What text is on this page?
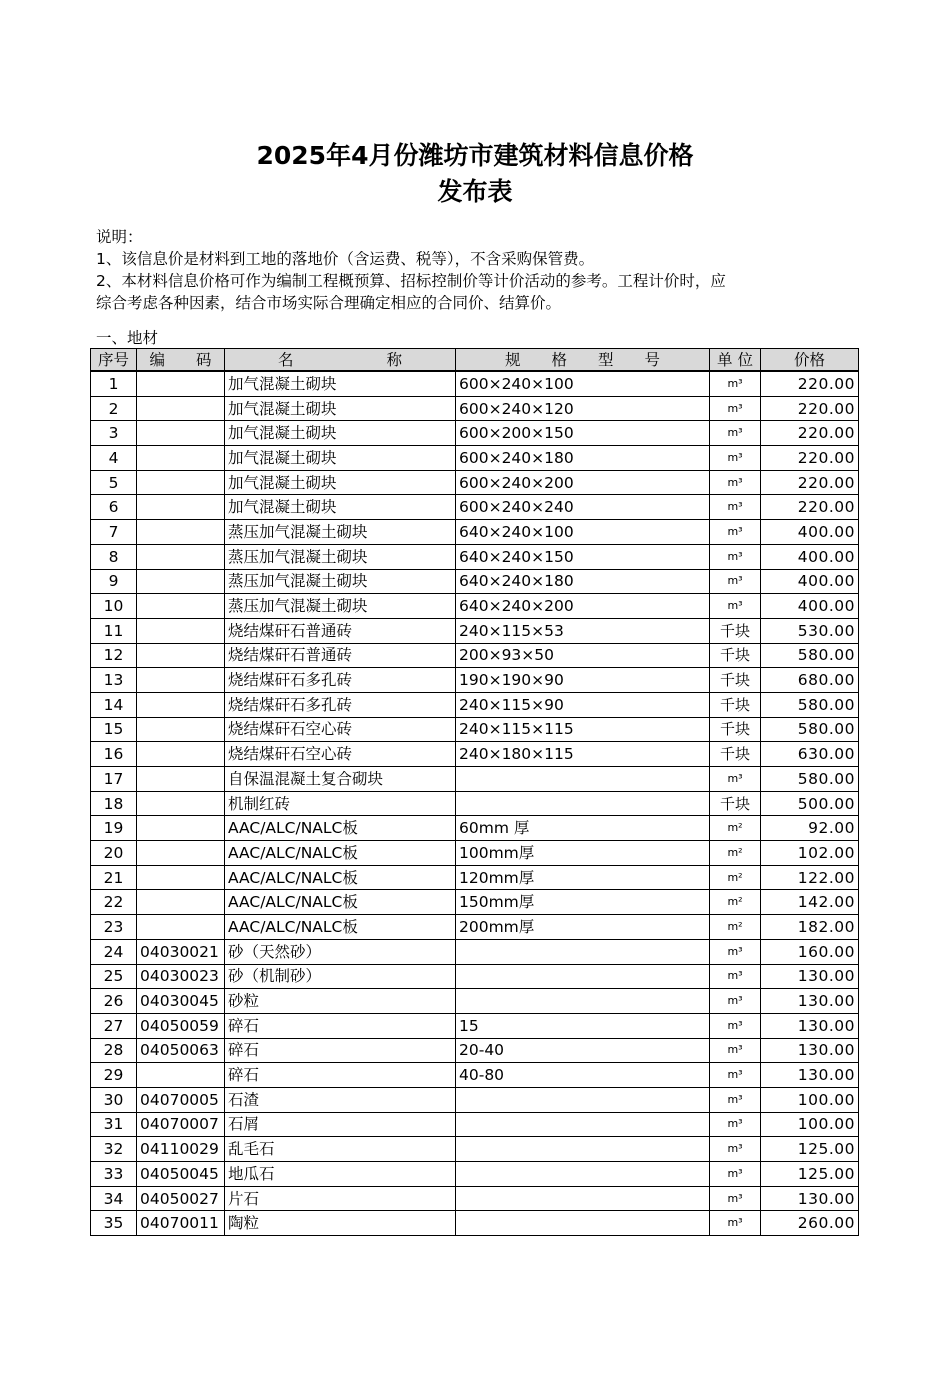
2025年4月份潍坊市建筑材料信息价格
发布表
说明：
1、该信息价是材料到工地的落地价（含运费、税等），不含采购保管费。
2、本材料信息价格可作为编制工程概预算、招标控制价等计价活动的参考。工程计价时，应
综合考虑各种因素，结合市场实际合理确定相应的合同价、结算价。
一、地材
序号	编　　码	名　　　　　　称	规　　格　　型　　号	单 位	价格
1		加气混凝土砌块	600×240×100	m³	220.00
2		加气混凝土砌块	600×240×120	m³	220.00
3		加气混凝土砌块	600×200×150	m³	220.00
4		加气混凝土砌块	600×240×180	m³	220.00
5		加气混凝土砌块	600×240×200	m³	220.00
6		加气混凝土砌块	600×240×240	m³	220.00
7		蒸压加气混凝土砌块	640×240×100	m³	400.00
8		蒸压加气混凝土砌块	640×240×150	m³	400.00
9		蒸压加气混凝土砌块	640×240×180	m³	400.00
10		蒸压加气混凝土砌块	640×240×200	m³	400.00
11		烧结煤矸石普通砖	240×115×53	千块	530.00
12		烧结煤矸石普通砖	200×93×50	千块	580.00
13		烧结煤矸石多孔砖	190×190×90	千块	680.00
14		烧结煤矸石多孔砖	240×115×90	千块	580.00
15		烧结煤矸石空心砖	240×115×115	千块	580.00
16		烧结煤矸石空心砖	240×180×115	千块	630.00
17		自保温混凝土复合砌块		m³	580.00
18		机制红砖		千块	500.00
19		AAC/ALC/NALC板	60mm 厚	m²	92.00
20		AAC/ALC/NALC板	100mm厚	m²	102.00
21		AAC/ALC/NALC板	120mm厚	m²	122.00
22		AAC/ALC/NALC板	150mm厚	m²	142.00
23		AAC/ALC/NALC板	200mm厚	m²	182.00
24	04030021	砂（天然砂）		m³	160.00
25	04030023	砂（机制砂）		m³	130.00
26	04030045	砂粒		m³	130.00
27	04050059	碎石	15	m³	130.00
28	04050063	碎石	20-40	m³	130.00
29		碎石	40-80	m³	130.00
30	04070005	石渣		m³	100.00
31	04070007	石屑		m³	100.00
32	04110029	乱毛石		m³	125.00
33	04050045	地瓜石		m³	125.00
34	04050027	片石		m³	130.00
35	04070011	陶粒		m³	260.00
